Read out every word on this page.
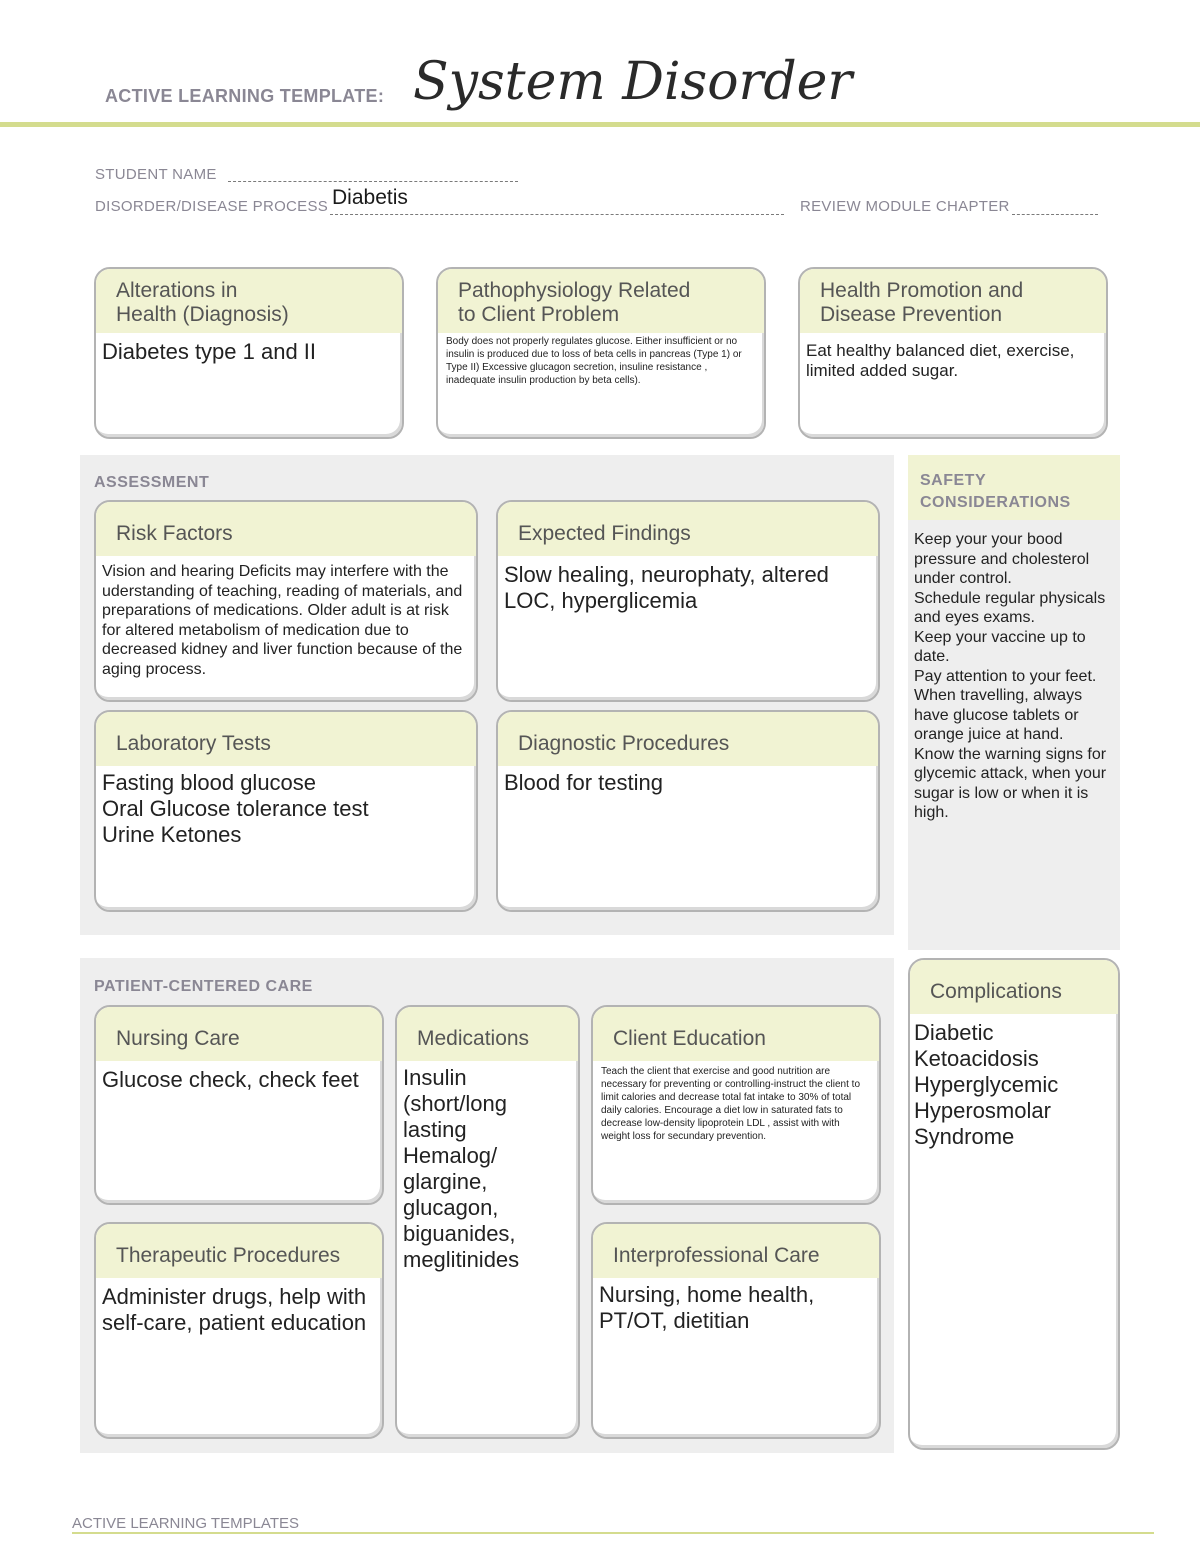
ACTIVE LEARNING TEMPLATE: System Disorder
STUDENT NAME
DISORDER/DISEASE PROCESS Diabetis	REVIEW MODULE CHAPTER
Alterations in
Health (Diagnosis)
Diabetes type 1 and II
Pathophysiology Related
to Client Problem
Body does not properly regulates glucose. Either insufficient or no insulin is produced due to loss of beta cells in pancreas (Type 1) or Type II) Excessive glucagon secretion, insuline resistance , inadequate insulin production by beta cells).
Health Promotion and
Disease Prevention
Eat healthy balanced diet, exercise, limited added sugar.
ASSESSMENT
Risk Factors
Vision and hearing Deficits may interfere with the uderstanding of teaching, reading of materials, and preparations of medications. Older adult is at risk for altered metabolism of medication due to decreased kidney and liver function because of the aging process.
Expected Findings
Slow healing, neurophaty, altered LOC, hyperglicemia
Laboratory Tests
Fasting blood glucose
Oral Glucose tolerance test
Urine Ketones
Diagnostic Procedures
Blood for testing
SAFETY
CONSIDERATIONS
Keep your your bood pressure and cholesterol under control.
Schedule regular physicals and eyes exams.
Keep your vaccine up to date.
Pay attention to your feet.
When travelling, always have glucose tablets or orange juice at hand.
Know the warning signs for glycemic attack, when your sugar is low or when it is high.
PATIENT-CENTERED CARE
Nursing Care
Glucose check, check feet
Medications
Insulin
(short/long
lasting
Hemalog/
glargine,
glucagon,
biguanides,
meglitinides
Client Education
Teach the client that exercise and good nutrition are necessary for preventing or controlling-instruct the client to limit calories and decrease total fat intake to 30% of total daily calories. Encourage a diet low in saturated fats to decrease low-density lipoprotein LDL , assist with with weight loss for secundary prevention.
Therapeutic Procedures
Administer drugs, help with self-care, patient education
Interprofessional Care
Nursing, home health, PT/OT, dietitian
Complications
Diabetic
Ketoacidosis
Hyperglycemic
Hyperosmolar
Syndrome
ACTIVE LEARNING TEMPLATES
